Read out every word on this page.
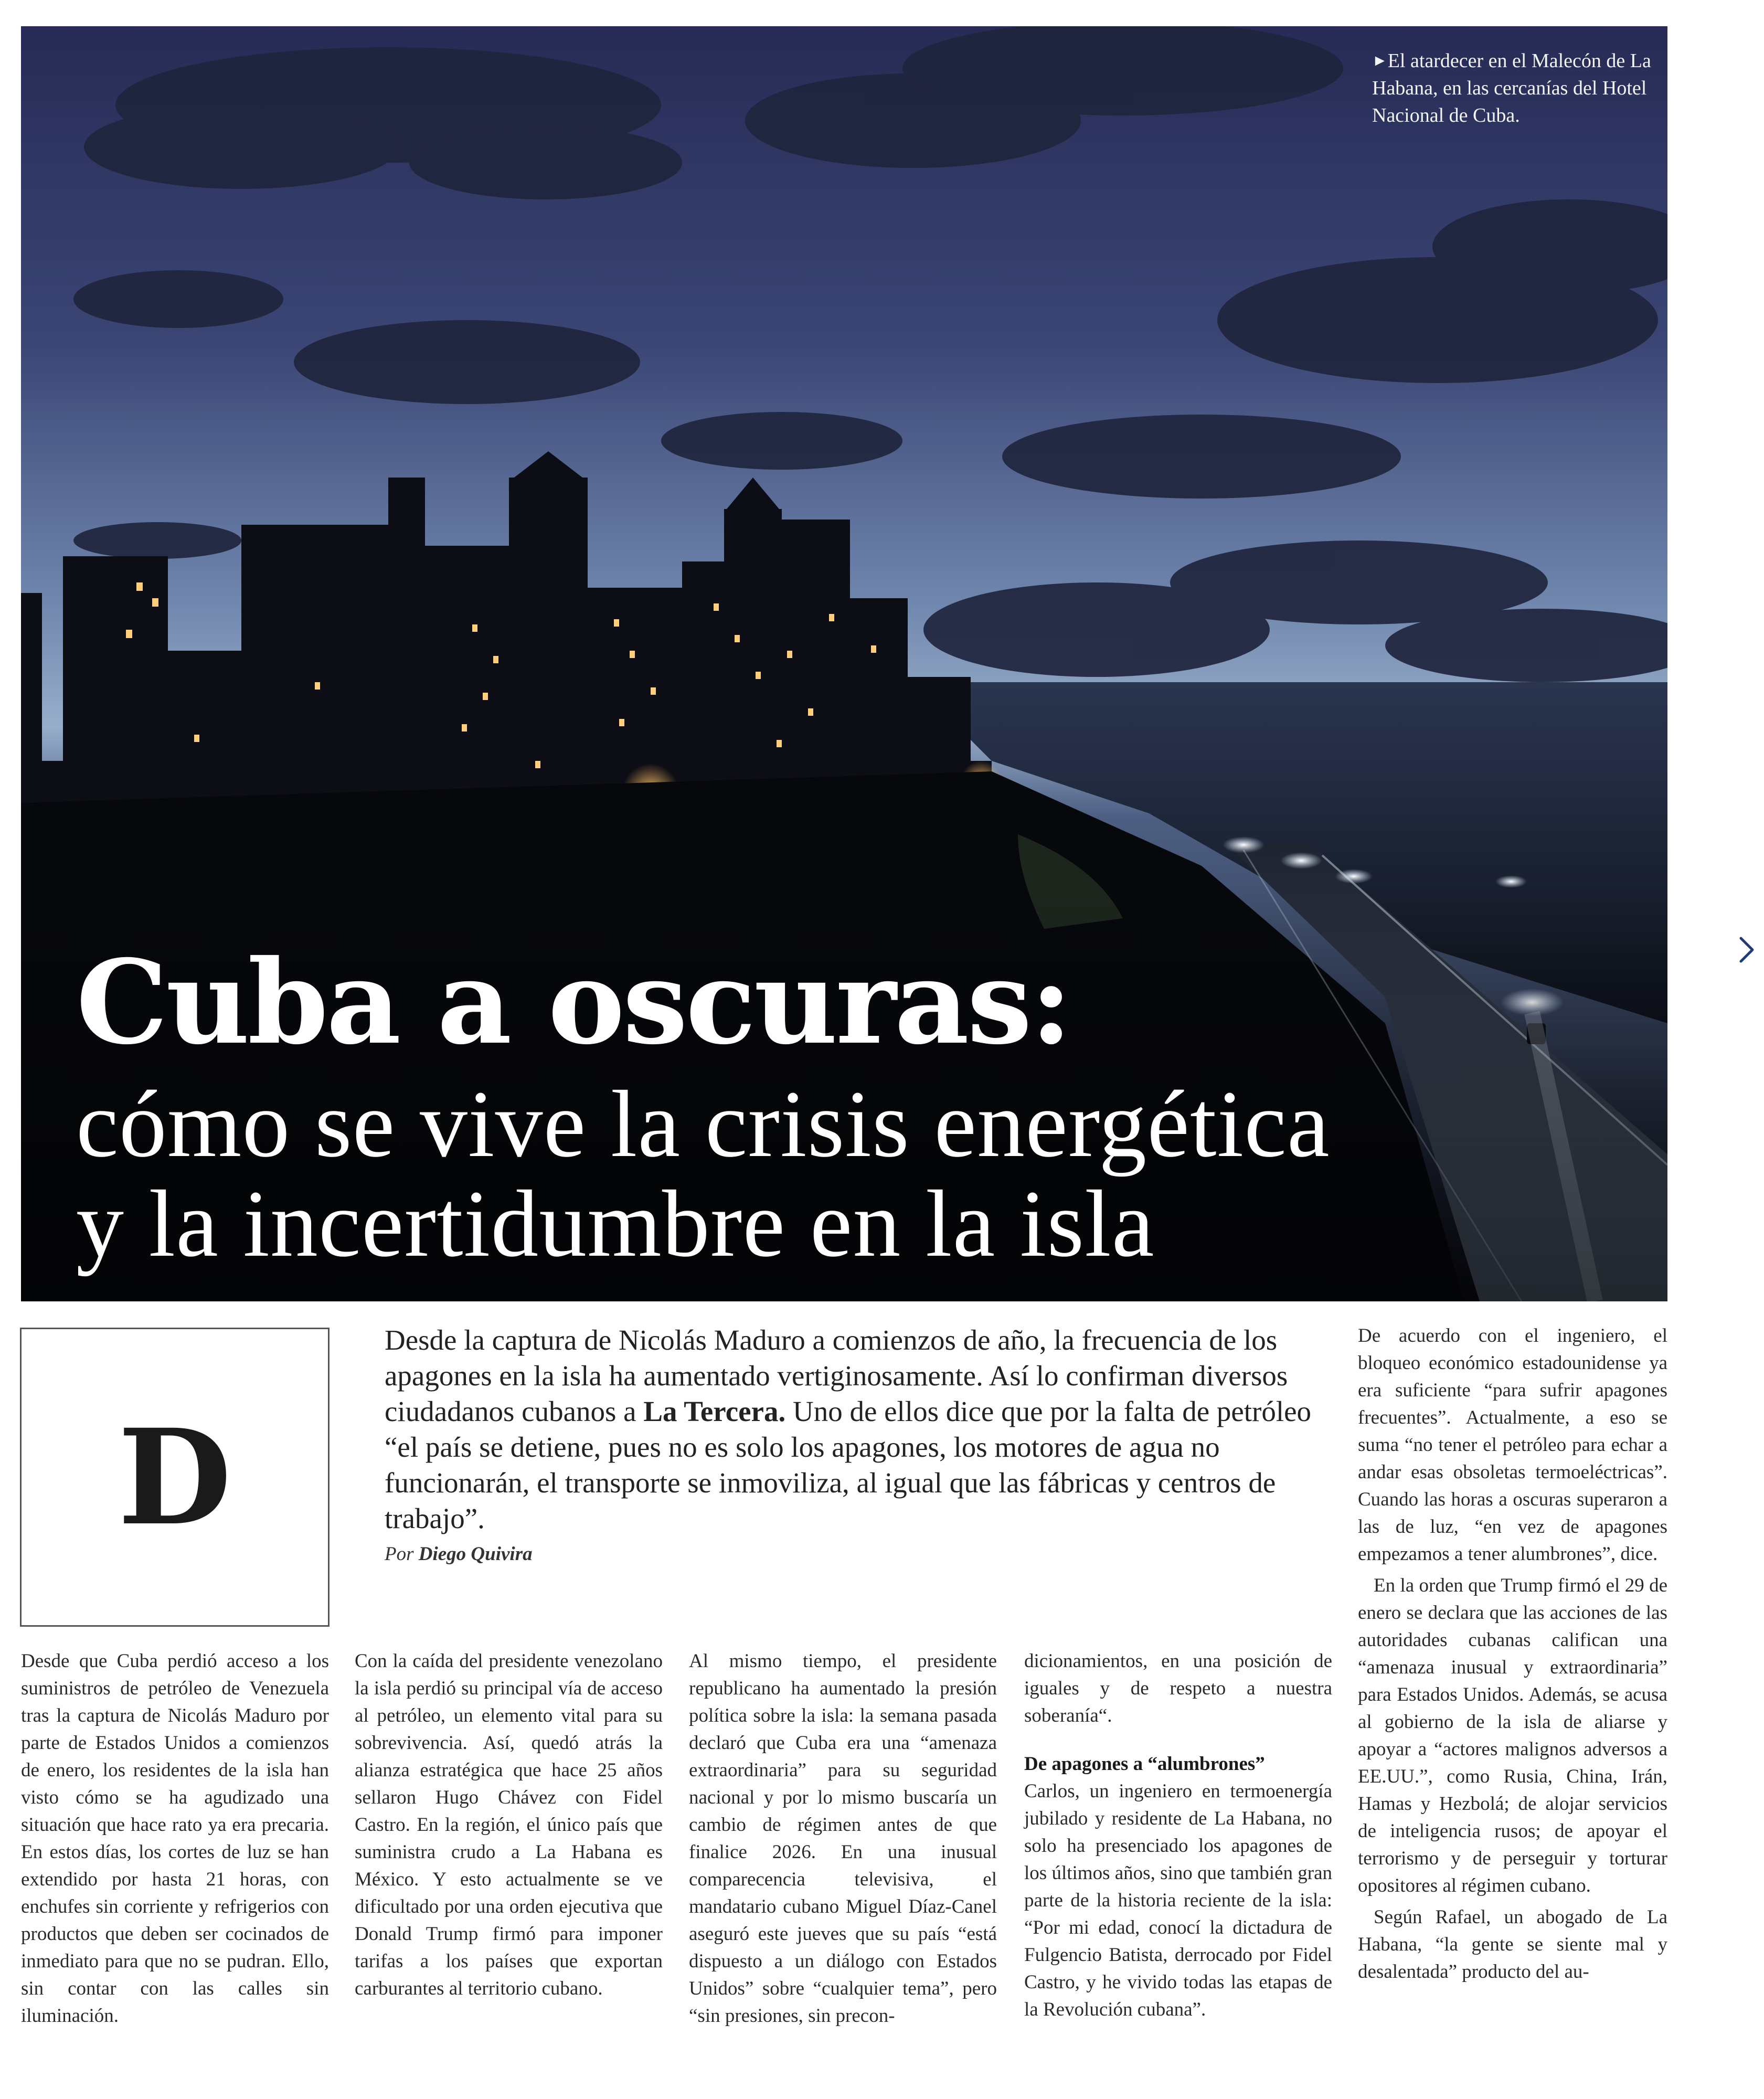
►El atardecer en el Malecón de La Habana, en las cercanías del Hotel Nacional de Cuba.
Cuba a oscuras:
cómo se vive la crisis energética
y la incertidumbre en la isla
D
Desde la captura de Nicolás Maduro a comienzos de año, la frecuencia de los apagones en la isla ha aumentado vertiginosamente. Así lo confirman diversos ciudadanos cubanos a La Tercera. Uno de ellos dice que por la falta de petróleo “el país se detiene, pues no es solo los apagones, los motores de agua no funcionarán, el transporte se inmoviliza, al igual que las fábricas y centros de trabajo”.
Por Diego Quivira

Desde que Cuba perdió acceso a los suministros de petróleo de Venezuela tras la captura de Nicolás Maduro por parte de Estados Unidos a comienzos de enero, los residentes de la isla han visto cómo se ha agudizado una situación que hace rato ya era precaria. En estos días, los cortes de luz se han extendido por hasta 21 horas, con enchufes sin corriente y refrigerios con productos que deben ser cocinados de inmediato para que no se pudran. Ello, sin contar con las calles sin iluminación.

Con la caída del presidente venezolano la isla perdió su principal vía de acceso al petróleo, un elemento vital para su sobrevivencia. Así, quedó atrás la alianza estratégica que hace 25 años sellaron Hugo Chávez con Fidel Castro. En la región, el único país que suministra crudo a La Habana es México. Y esto actualmente se ve dificultado por una orden ejecutiva que Donald Trump firmó para imponer tarifas a los países que exportan carburantes al territorio cubano.

Al mismo tiempo, el presidente republicano ha aumentado la presión política sobre la isla: la semana pasada declaró que Cuba era una “amenaza extraordinaria” para su seguridad nacional y por lo mismo buscaría un cambio de régimen antes de que finalice 2026. En una inusual comparecencia televisiva, el mandatario cubano Miguel Díaz-Canel aseguró este jueves que su país “está dispuesto a un diálogo con Estados Unidos” sobre “cualquier tema”, pero “sin presiones, sin precon-

dicionamientos, en una posición de iguales y de respeto a nuestra soberanía“.

De apagones a “alumbrones”

Carlos, un ingeniero en termoenergía jubilado y residente de La Habana, no solo ha presenciado los apagones de los últimos años, sino que también gran parte de la historia reciente de la isla: “Por mi edad, conocí la dictadura de Fulgencio Batista, derrocado por Fidel Castro, y he vivido todas las etapas de la Revolución cubana”.

De acuerdo con el ingeniero, el bloqueo económico estadounidense ya era suficiente “para sufrir apagones frecuentes”. Actualmente, a eso se suma “no tener el petróleo para echar a andar esas obsoletas termoeléctricas”. Cuando las horas a oscuras superaron a las de luz, “en vez de apagones empezamos a tener alumbrones”, dice.

En la orden que Trump firmó el 29 de enero se declara que las acciones de las autoridades cubanas califican una “amenaza inusual y extraordinaria” para Estados Unidos. Además, se acusa al gobierno de la isla de aliarse y apoyar a “actores malignos adversos a EE.UU.”, como Rusia, China, Irán, Hamas y Hezbolá; de alojar servicios de inteligencia rusos; de apoyar el terrorismo y de perseguir y torturar opositores al régimen cubano.

Según Rafael, un abogado de La Habana, “la gente se siente mal y desalentada” producto del au-
